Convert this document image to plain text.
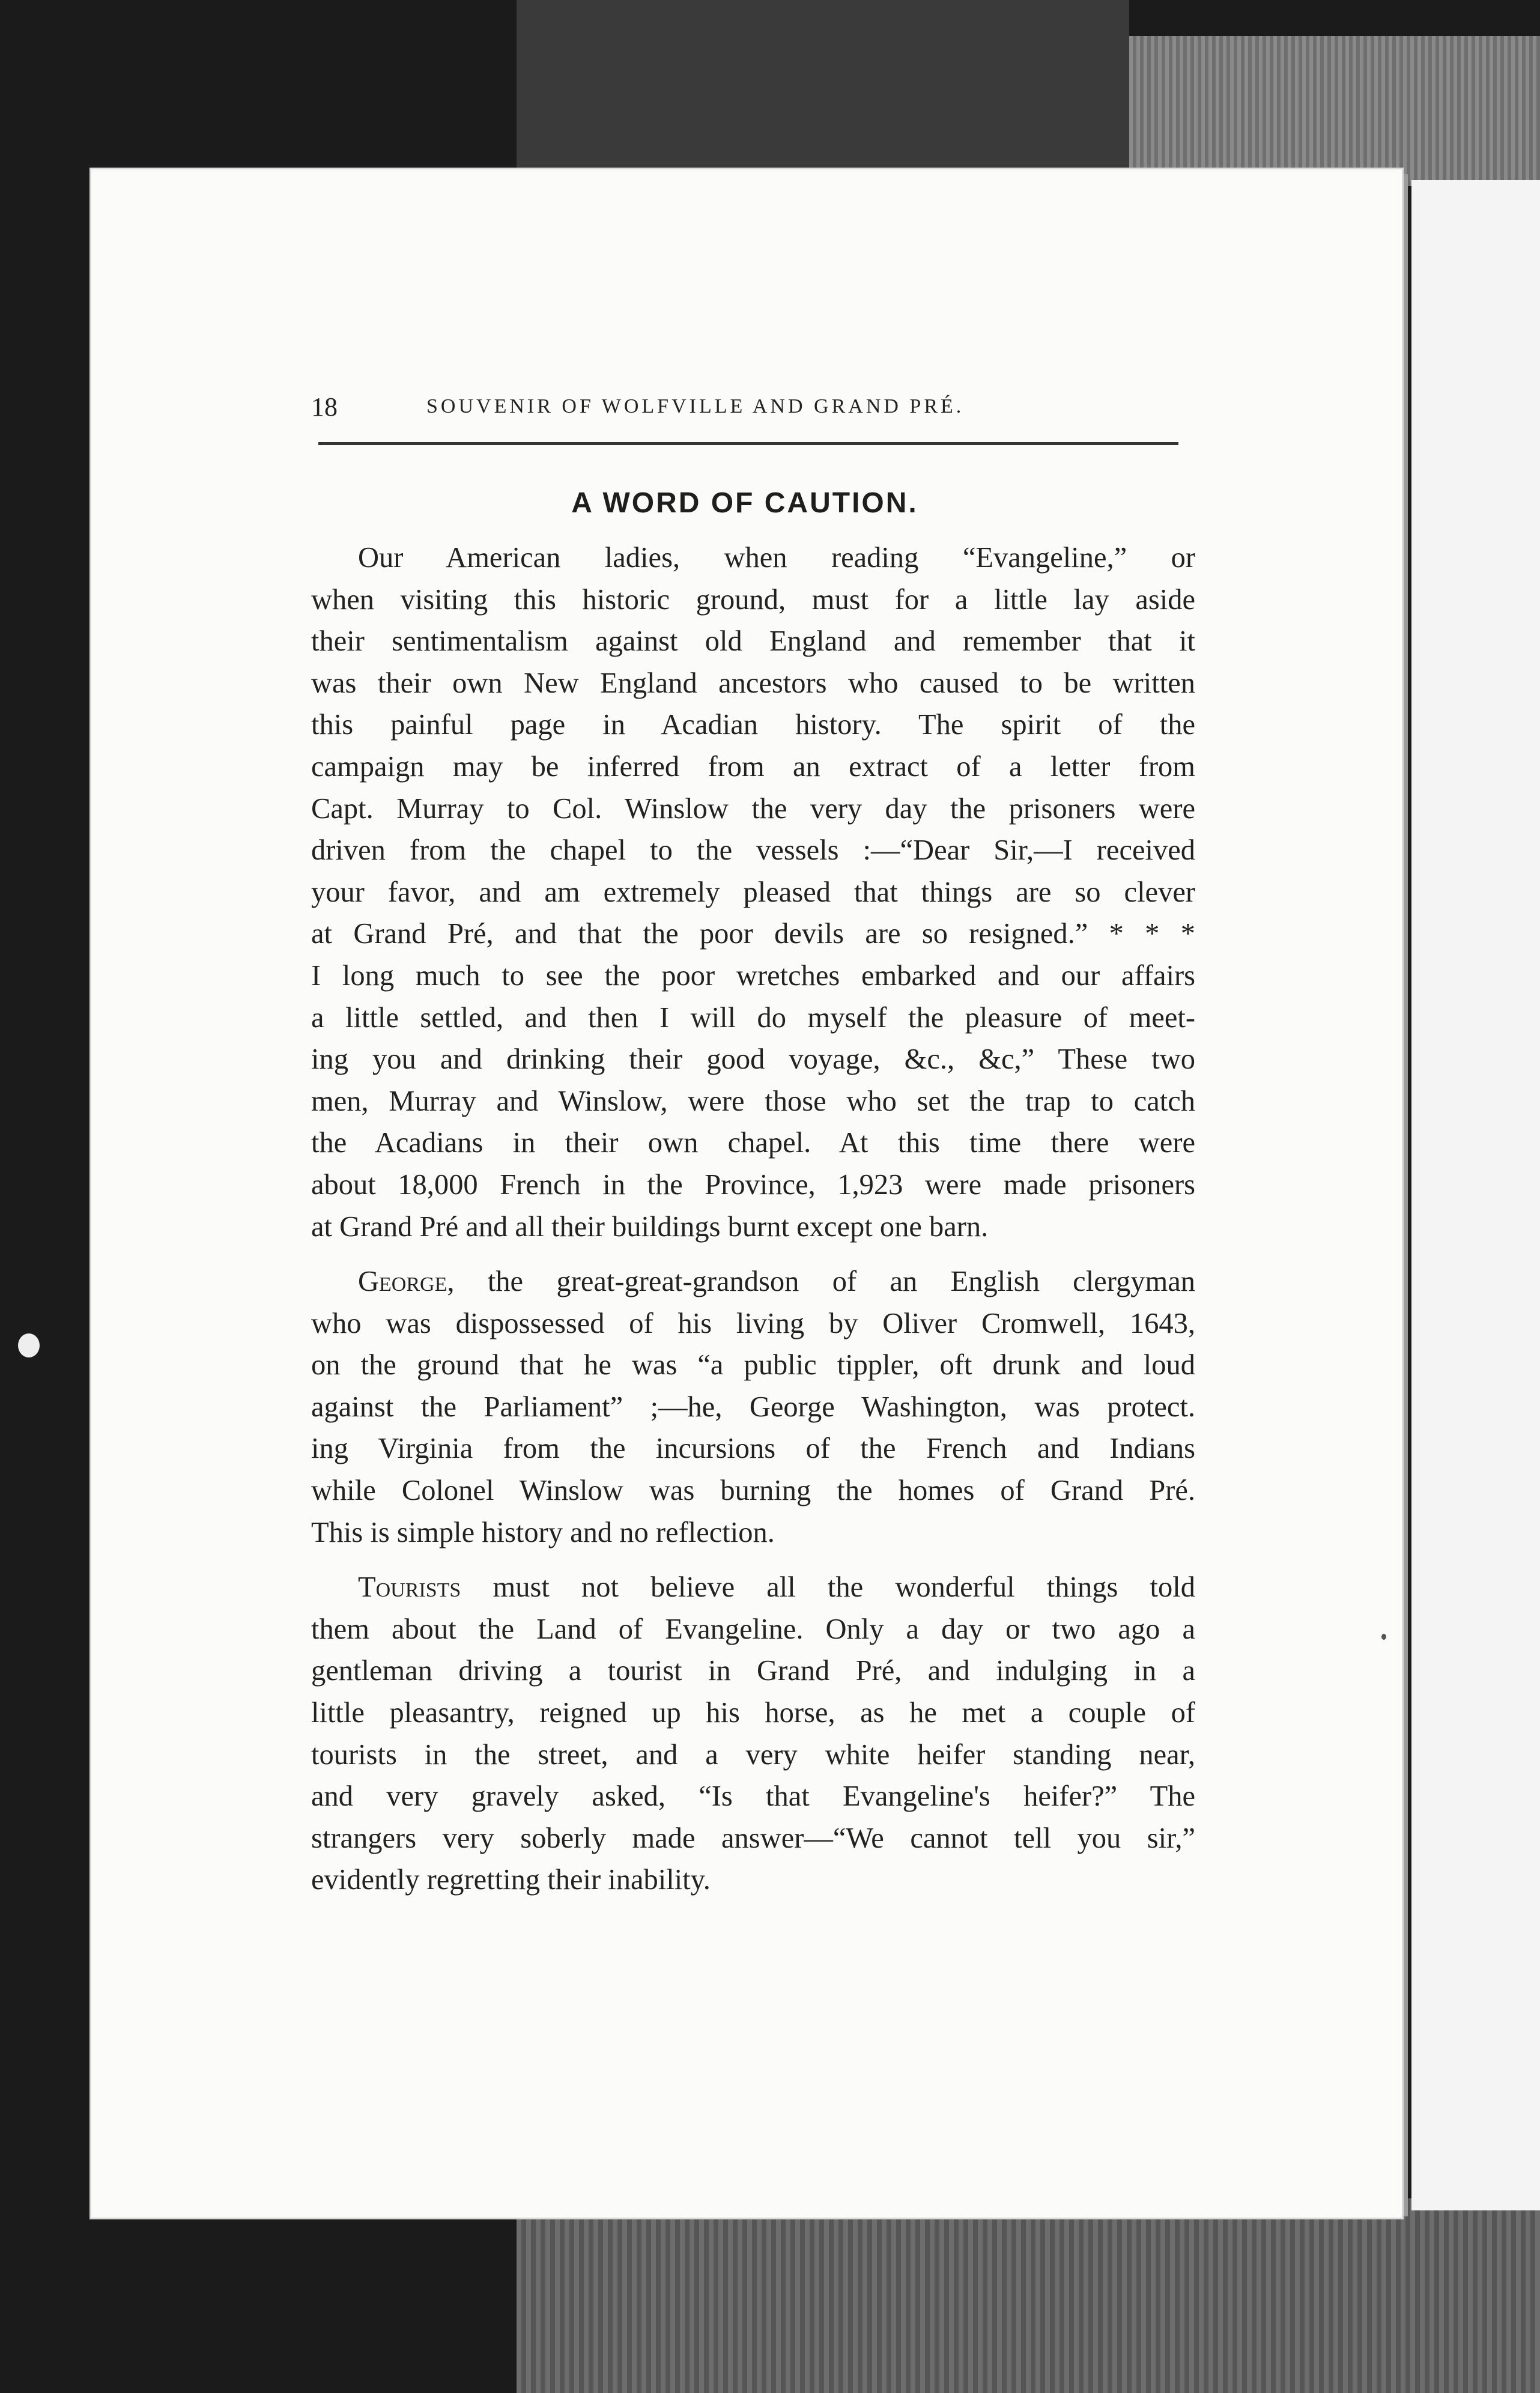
18	SOUVENIR OF WOLFVILLE AND GRAND PRÉ.
A WORD OF CAUTION.
Our American ladies, when reading “Evangeline,” or
when visiting this historic ground, must for a little lay aside
their sentimentalism against old England and remember that it
was their own New England ancestors who caused to be written
this painful page in Acadian history. The spirit of the
campaign may be inferred from an extract of a letter from
Capt. Murray to Col. Winslow the very day the prisoners were
driven from the chapel to the vessels :—“Dear Sir,—I received
your favor, and am extremely pleased that things are so clever
at Grand Pré, and that the poor devils are so resigned.” * * *
I long much to see the poor wretches embarked and our affairs
a little settled, and then I will do myself the pleasure of meet-
ing you and drinking their good voyage, &c., &c,” These two
men, Murray and Winslow, were those who set the trap to catch
the Acadians in their own chapel. At this time there were
about 18,000 French in the Province, 1,923 were made prisoners
at Grand Pré and all their buildings burnt except one barn.
George, the great-great-grandson of an English clergyman
who was dispossessed of his living by Oliver Cromwell, 1643,
on the ground that he was “a public tippler, oft drunk and loud
against the Parliament” ;—he, George Washington, was protect.
ing Virginia from the incursions of the French and Indians
while Colonel Winslow was burning the homes of Grand Pré.
This is simple history and no reflection.
Tourists must not believe all the wonderful things told
them about the Land of Evangeline. Only a day or two ago a
gentleman driving a tourist in Grand Pré, and indulging in a
little pleasantry, reigned up his horse, as he met a couple of
tourists in the street, and a very white heifer standing near,
and very gravely asked, “Is that Evangeline's heifer?” The
strangers very soberly made answer—“We cannot tell you sir,”
evidently regretting their inability.
